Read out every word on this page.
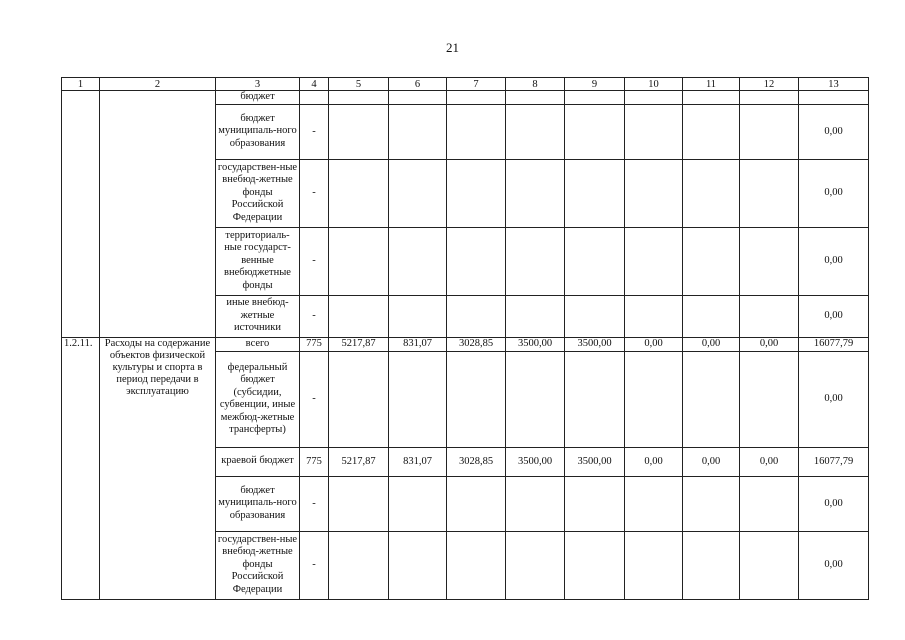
21
1	2	3	4	5	6	7	8	9	10	11	12	13
		бюджет										
		бюджет муниципаль-ного образования	-									0,00
		государствен-ные внебюд-жетные фонды Российской Федерации	-									0,00
		территориаль-ные государст-венные внебюджетные фонды	-									0,00
		иные внебюд-жетные источники	-									0,00
1.2.11.	Расходы на содержание объектов физической культуры и спорта в период передачи в эксплуатацию	всего	775	5217,87	831,07	3028,85	3500,00	3500,00	0,00	0,00	0,00	16077,79
		федеральный бюджет (субсидии, субвенции, иные межбюд-жетные трансферты)	-									0,00
		краевой бюджет	775	5217,87	831,07	3028,85	3500,00	3500,00	0,00	0,00	0,00	16077,79
		бюджет муниципаль-ного образования	-									0,00
		государствен-ные внебюд-жетные фонды Российской Федерации	-									0,00
